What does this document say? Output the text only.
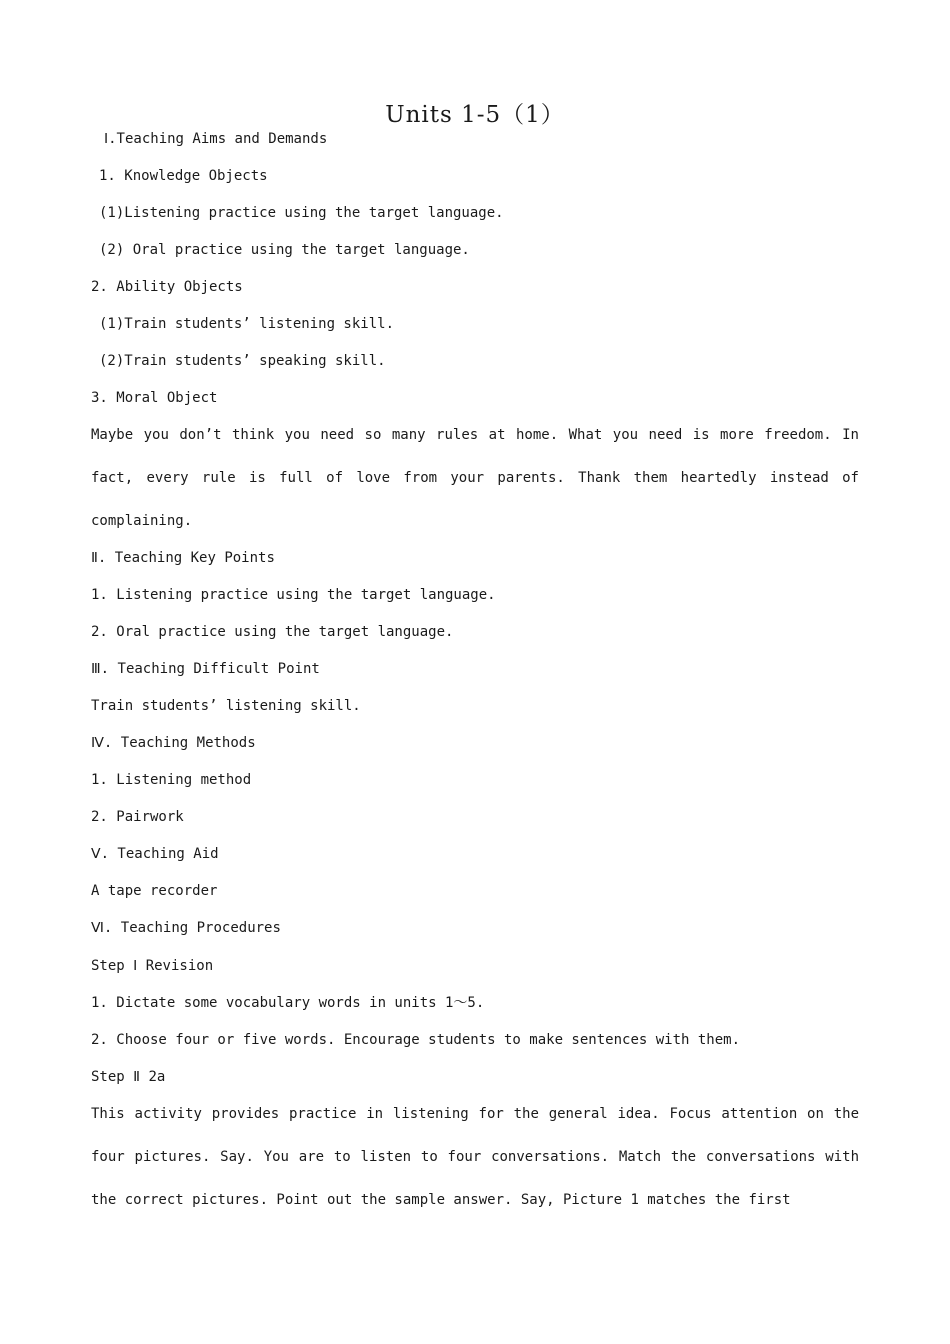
Units 1-5（1）

Ⅰ.Teaching Aims and Demands

1. Knowledge Objects

(1)Listening practice using the target language.

(2) Oral practice using the target language.

2. Ability Objects

(1)Train students’ listening skill.

(2)Train students’ speaking skill.

3. Moral Object

Maybe you don’t think you need so many rules at home. What you need is more freedom. In fact, every rule is full of love from your parents. Thank them heartedly instead of complaining.

Ⅱ. Teaching Key Points

1. Listening practice using the target language.

2. Oral practice using the target language.

Ⅲ. Teaching Difficult Point

Train students’ listening skill.

Ⅳ. Teaching Methods

1. Listening method

2. Pairwork

Ⅴ. Teaching Aid

A tape recorder

Ⅵ. Teaching Procedures

Step Ⅰ Revision

1. Dictate some vocabulary words in units 1～5.

2. Choose four or five words. Encourage students to make sentences with them.

Step Ⅱ 2a

This activity provides practice in listening for the general idea. Focus attention on the four pictures. Say. You are to listen to four conversations. Match the conversations with the correct pictures. Point out the sample answer. Say, Picture 1 matches the first
